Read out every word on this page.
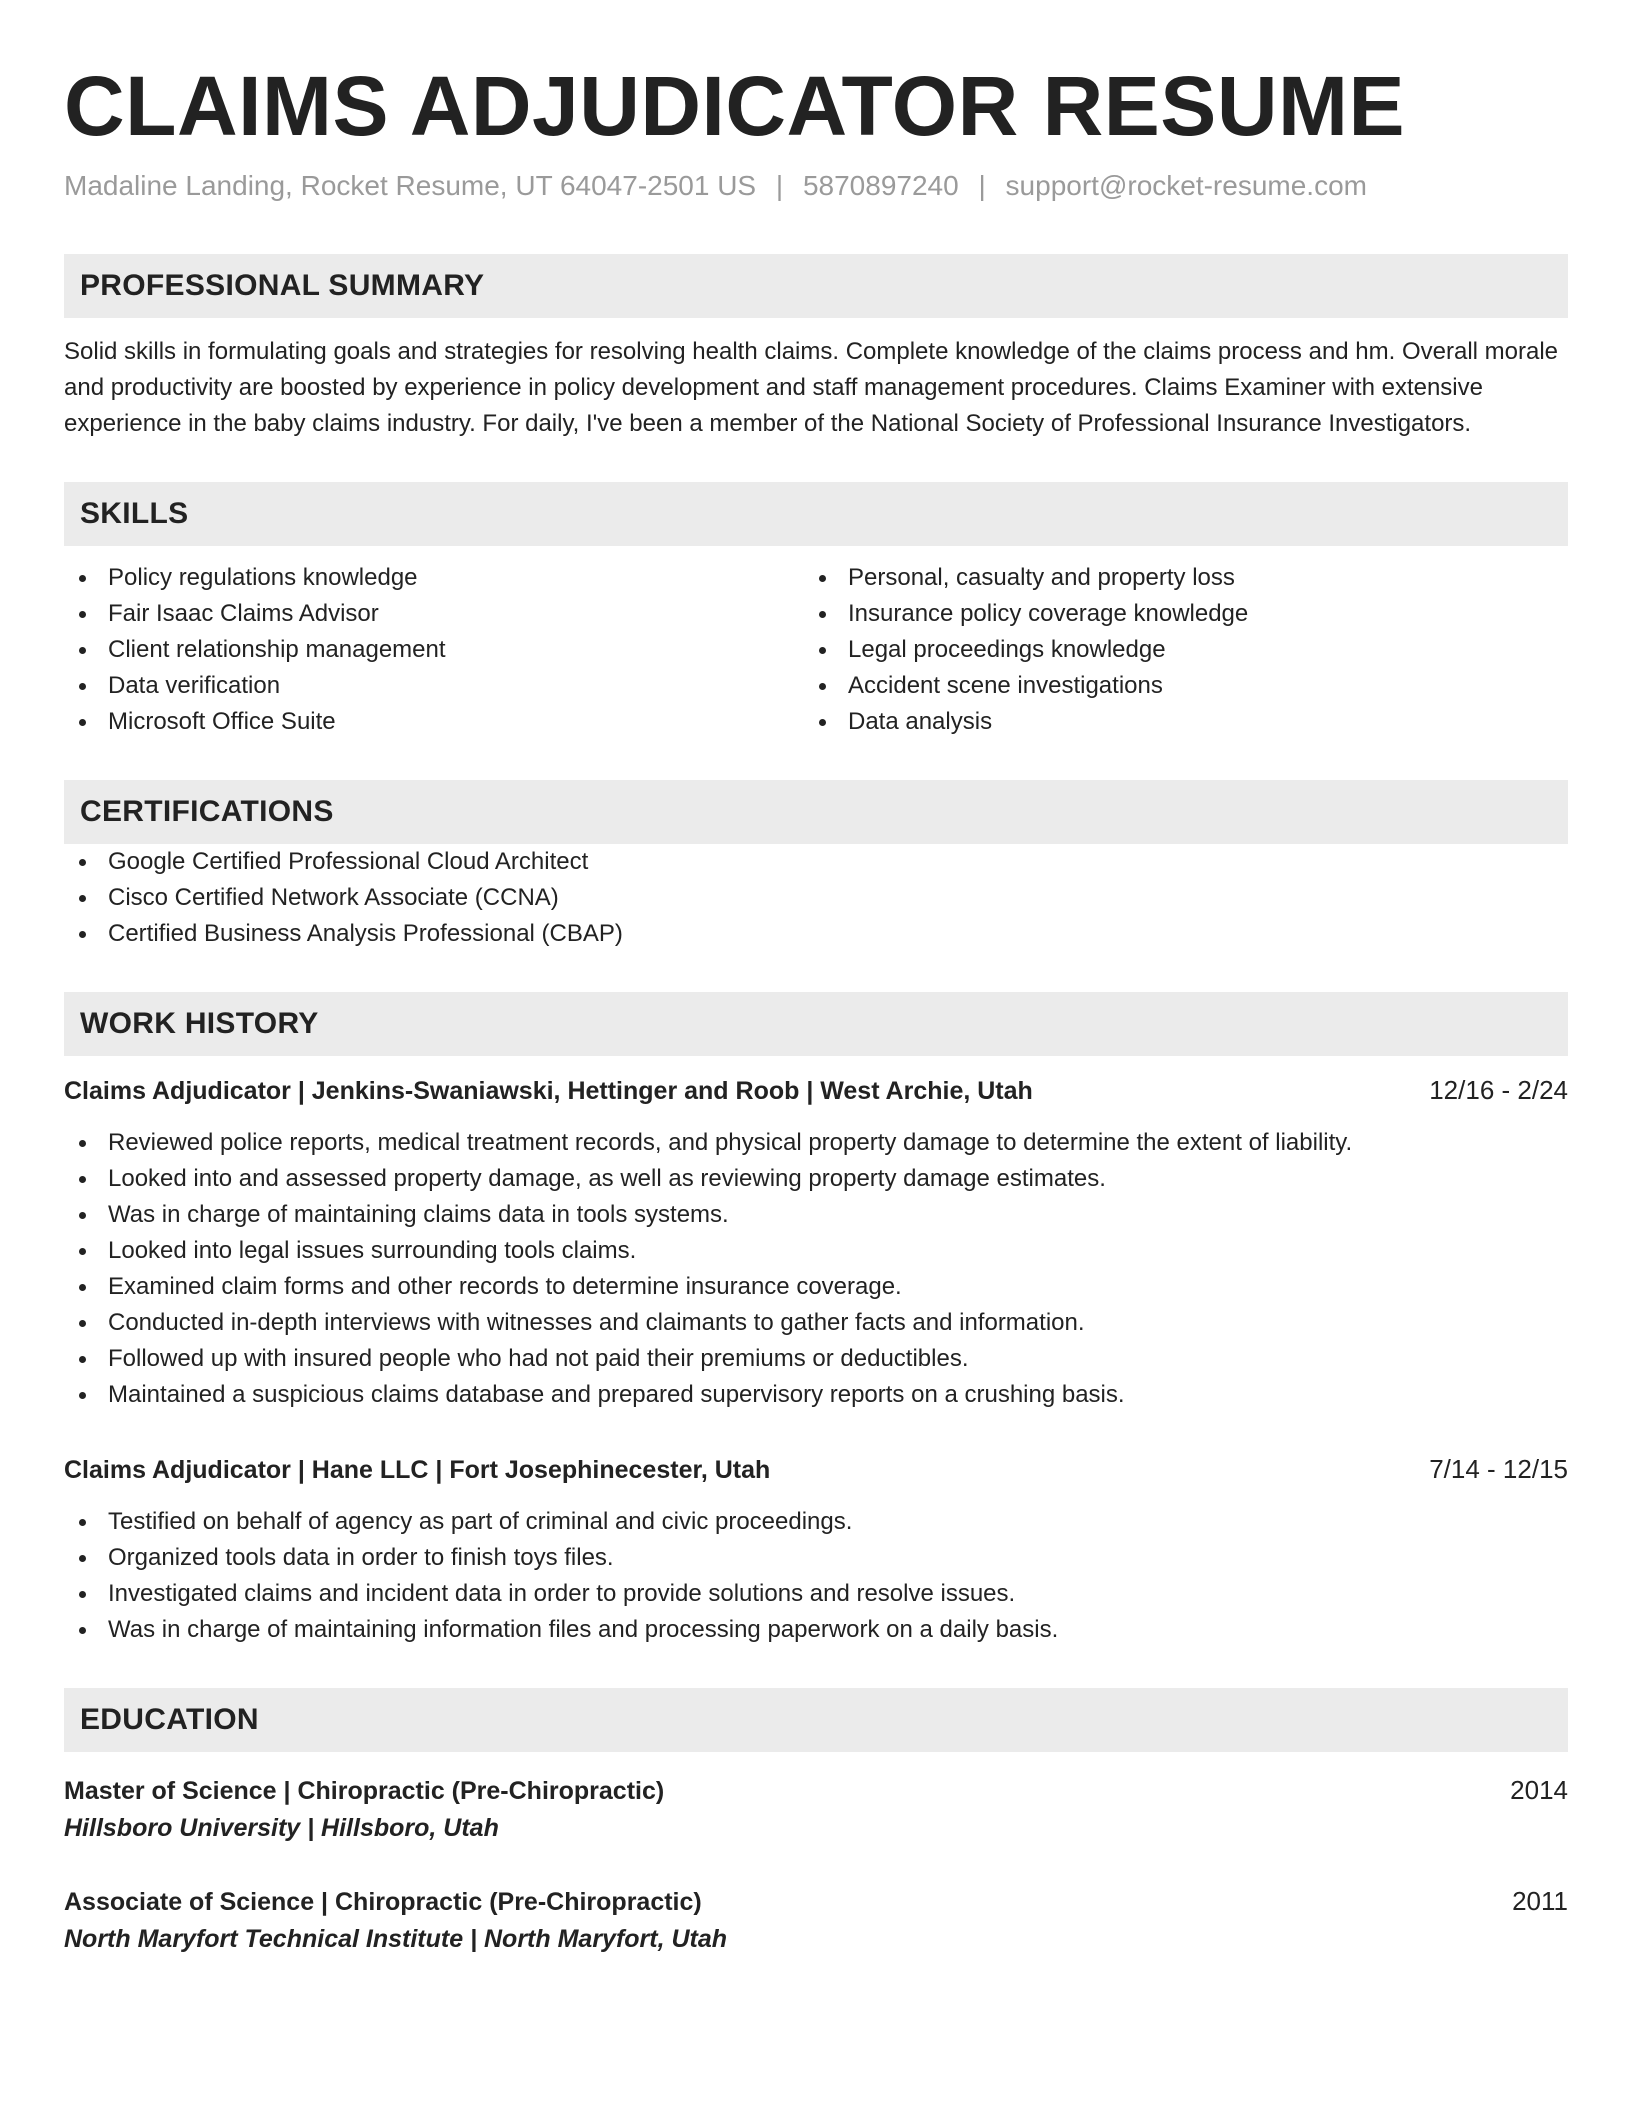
CLAIMS ADJUDICATOR RESUME
Madaline Landing, Rocket Resume, UT 64047-2501 US | 5870897240 | support@rocket-resume.com
PROFESSIONAL SUMMARY

Solid skills in formulating goals and strategies for resolving health claims. Complete knowledge of the claims process and hm. Overall morale and productivity are boosted by experience in policy development and staff management procedures. Claims Examiner with extensive experience in the baby claims industry. For daily, I've been a member of the National Society of Professional Insurance Investigators.

SKILLS
Policy regulations knowledge
Fair Isaac Claims Advisor
Client relationship management
Data verification
Microsoft Office Suite
Personal, casualty and property loss
Insurance policy coverage knowledge
Legal proceedings knowledge
Accident scene investigations
Data analysis
CERTIFICATIONS
Google Certified Professional Cloud Architect
Cisco Certified Network Associate (CCNA)
Certified Business Analysis Professional (CBAP)
WORK HISTORY
Claims Adjudicator | Jenkins-Swaniawski, Hettinger and Roob | West Archie, Utah	12/16 - 2/24
Reviewed police reports, medical treatment records, and physical property damage to determine the extent of liability.
Looked into and assessed property damage, as well as reviewing property damage estimates.
Was in charge of maintaining claims data in tools systems.
Looked into legal issues surrounding tools claims.
Examined claim forms and other records to determine insurance coverage.
Conducted in-depth interviews with witnesses and claimants to gather facts and information.
Followed up with insured people who had not paid their premiums or deductibles.
Maintained a suspicious claims database and prepared supervisory reports on a crushing basis.
Claims Adjudicator | Hane LLC | Fort Josephinecester, Utah	7/14 - 12/15
Testified on behalf of agency as part of criminal and civic proceedings.
Organized tools data in order to finish toys files.
Investigated claims and incident data in order to provide solutions and resolve issues.
Was in charge of maintaining information files and processing paperwork on a daily basis.
EDUCATION
Master of Science | Chiropractic (Pre-Chiropractic)	2014
Hillsboro University | Hillsboro, Utah
Associate of Science | Chiropractic (Pre-Chiropractic)	2011
North Maryfort Technical Institute | North Maryfort, Utah
